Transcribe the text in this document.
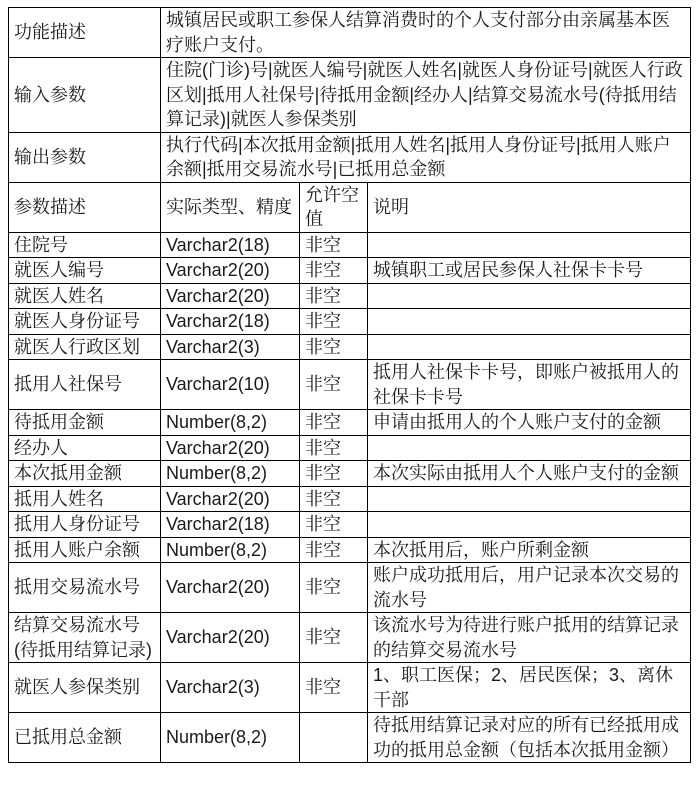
功能描述	城镇居民或职工参保人结算消费时的个人支付部分由亲属基本医疗账户支付。		
输入参数	住院(门诊)号|就医人编号|就医人姓名|就医人身份证号|就医人行政区划|抵用人社保号|待抵用金额|经办人|结算交易流水号(待抵用结算记录)|就医人参保类别		
输出参数	执行代码|本次抵用金额|抵用人姓名|抵用人身份证号|抵用人账户余额|抵用交易流水号|已抵用总金额		
参数描述	实际类型、精度	允许空值	说明
住院号	Varchar2(18)	非空	
就医人编号	Varchar2(20)	非空	城镇职工或居民参保人社保卡卡号
就医人姓名	Varchar2(20)	非空	
就医人身份证号	Varchar2(18)	非空	
就医人行政区划	Varchar2(3)	非空	
抵用人社保号	Varchar2(10)	非空	抵用人社保卡卡号，即账户被抵用人的社保卡卡号
待抵用金额	Number(8,2)	非空	申请由抵用人的个人账户支付的金额
经办人	Varchar2(20)	非空	
本次抵用金额	Number(8,2)	非空	本次实际由抵用人个人账户支付的金额
抵用人姓名	Varchar2(20)	非空	
抵用人身份证号	Varchar2(18)	非空	
抵用人账户余额	Number(8,2)	非空	本次抵用后，账户所剩金额
抵用交易流水号	Varchar2(20)	非空	账户成功抵用后，用户记录本次交易的流水号
结算交易流水号(待抵用结算记录)	Varchar2(20)	非空	该流水号为待进行账户抵用的结算记录的结算交易流水号
就医人参保类别	Varchar2(3)	非空	1、职工医保；2、居民医保；3、离休干部
已抵用总金额	Number(8,2)		待抵用结算记录对应的所有已经抵用成功的抵用总金额（包括本次抵用金额）
